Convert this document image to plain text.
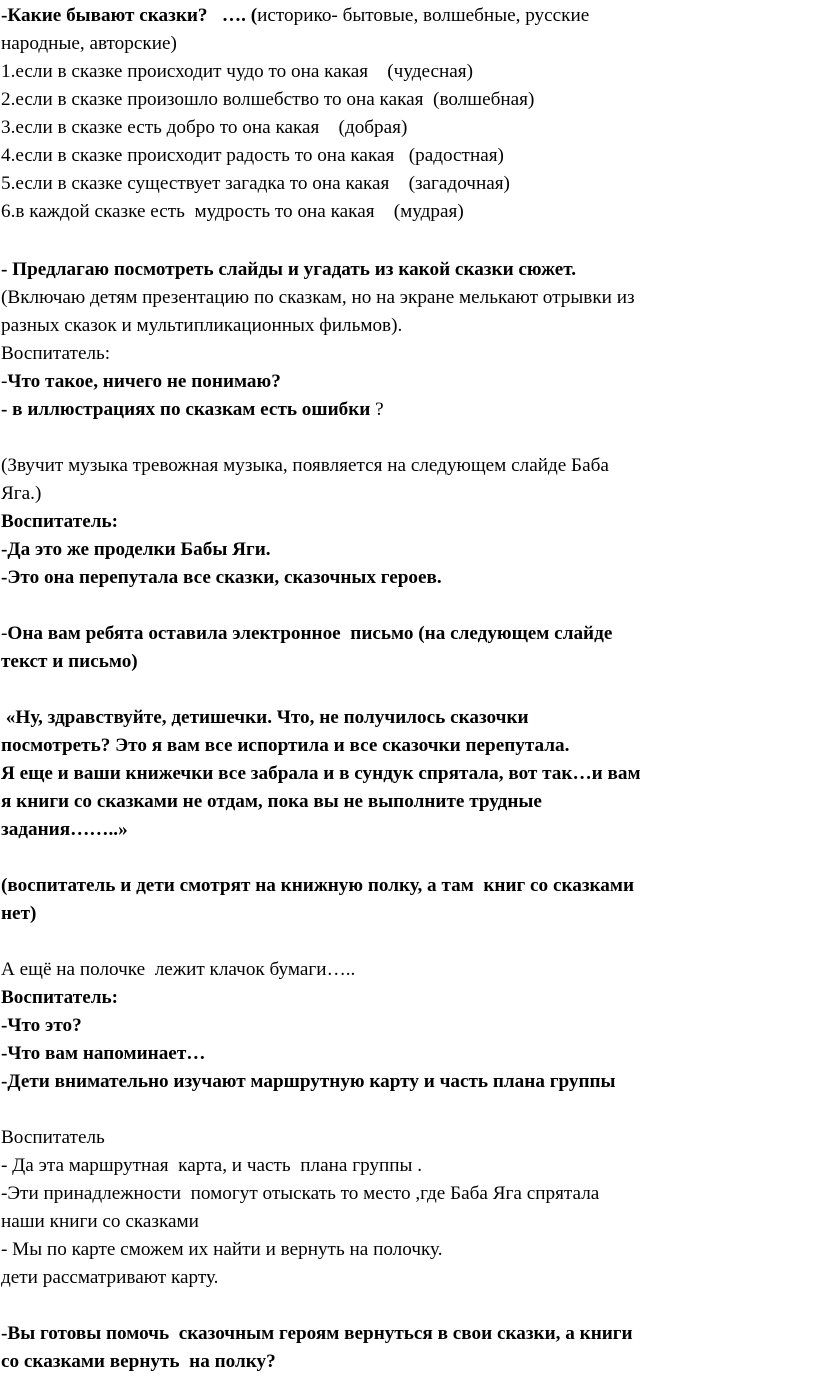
-Какие бывают сказки?   …. (историко- бытовые, волшебные, русские
народные, авторские)
1.если в сказке происходит чудо то она какая    (чудесная)
2.если в сказке произошло волшебство то она какая  (волшебная)
3.если в сказке есть добро то она какая    (добрая)
4.если в сказке происходит радость то она какая   (радостная)
5.если в сказке существует загадка то она какая    (загадочная)
6.в каждой сказке есть  мудрость то она какая    (мудрая)
- Предлагаю посмотреть слайды и угадать из какой сказки сюжет.
(Включаю детям презентацию по сказкам, но на экране мелькают отрывки из
разных сказок и мультипликационных фильмов).
Воспитатель:
-Что такое, ничего не понимаю?
- в иллюстрациях по сказкам есть ошибки ?
(Звучит музыка тревожная музыка, появляется на следующем слайде Баба
Яга.)
Воспитатель:
-Да это же проделки Бабы Яги.
-Это она перепутала все сказки, сказочных героев.
-Она вам ребята оставила электронное  письмо (на следующем слайде
текст и письмо)
«Ну, здравствуйте, детишечки. Что, не получилось сказочки
посмотреть? Это я вам все испортила и все сказочки перепутала.
Я еще и ваши книжечки все забрала и в сундук спрятала, вот так…и вам
я книги со сказками не отдам, пока вы не выполните трудные
задания……..»
(воспитатель и дети смотрят на книжную полку, а там  книг со сказками
нет)
А ещё на полочке  лежит клачок бумаги…..
Воспитатель:
-Что это?
-Что вам напоминает…
-Дети внимательно изучают маршрутную карту и часть плана группы
Воспитатель
- Да эта маршрутная  карта, и часть  плана группы .
-Эти принадлежности  помогут отыскать то место ,где Баба Яга спрятала
наши книги со сказками
- Мы по карте сможем их найти и вернуть на полочку.
дети рассматривают карту.
-Вы готовы помочь  сказочным героям вернуться в свои сказки, а книги
со сказками вернуть  на полку?
